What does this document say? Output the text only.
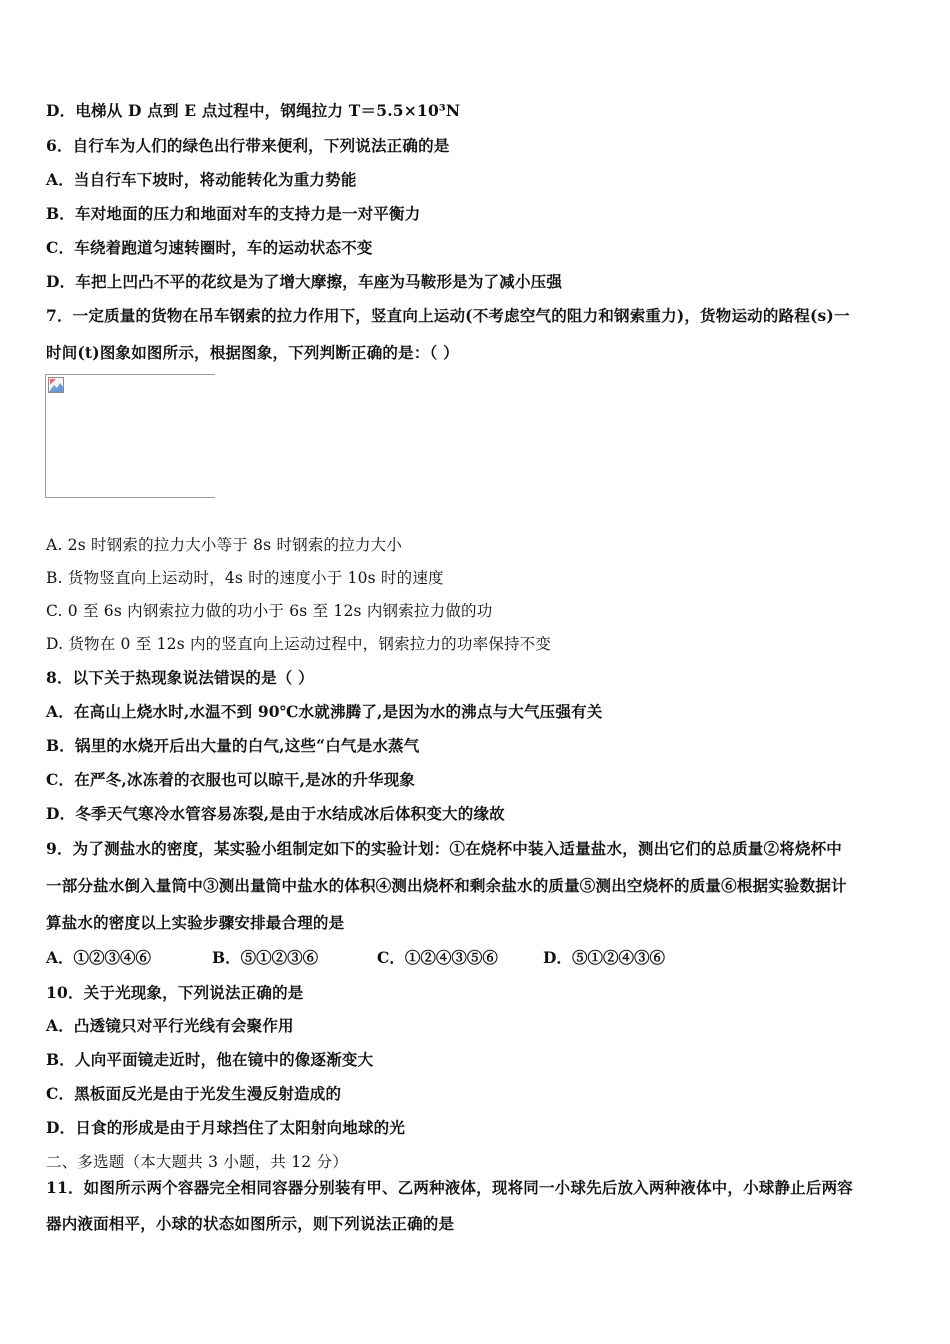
D．电梯从 D 点到 E 点过程中，钢绳拉力 T＝5.5×10³N
6．自行车为人们的绿色出行带来便利，下列说法正确的是
A．当自行车下坡时，将动能转化为重力势能
B．车对地面的压力和地面对车的支持力是一对平衡力
C．车绕着跑道匀速转圈时，车的运动状态不变
D．车把上凹凸不平的花纹是为了增大摩擦，车座为马鞍形是为了减小压强
7．一定质量的货物在吊车钢索的拉力作用下，竖直向上运动(不考虑空气的阻力和钢索重力)，货物运动的路程(s)一
时间(t)图象如图所示，根据图象，下列判断正确的是：（ ）
A. 2s 时钢索的拉力大小等于 8s 时钢索的拉力大小
B. 货物竖直向上运动时，4s 时的速度小于 10s 时的速度
C. 0 至 6s 内钢索拉力做的功小于 6s 至 12s 内钢索拉力做的功
D. 货物在 0 至 12s 内的竖直向上运动过程中，钢索拉力的功率保持不变
8．以下关于热现象说法错误的是（ ）
A．在高山上烧水时,水温不到 90℃水就沸腾了,是因为水的沸点与大气压强有关
B．锅里的水烧开后出大量的白气,这些“白气是水蒸气
C．在严冬,冰冻着的衣服也可以晾干,是冰的升华现象
D．冬季天气寒冷水管容易冻裂,是由于水结成冰后体积变大的缘故
9．为了测盐水的密度，某实验小组制定如下的实验计划：①在烧杯中装入适量盐水，测出它们的总质量②将烧杯中
一部分盐水倒入量筒中③测出量筒中盐水的体积④测出烧杯和剩余盐水的质量⑤测出空烧杯的质量⑥根据实验数据计
算盐水的密度以上实验步骤安排最合理的是
A．①②③④⑥	B．⑤①②③⑥	C．①②④③⑤⑥	D．⑤①②④③⑥
10．关于光现象，下列说法正确的是
A．凸透镜只对平行光线有会聚作用
B．人向平面镜走近时，他在镜中的像逐渐变大
C．黑板面反光是由于光发生漫反射造成的
D．日食的形成是由于月球挡住了太阳射向地球的光
二、多选题（本大题共 3 小题，共 12 分）
11．如图所示两个容器完全相同容器分别装有甲、乙两种液体，现将同一小球先后放入两种液体中，小球静止后两容
器内液面相平，小球的状态如图所示，则下列说法正确的是
